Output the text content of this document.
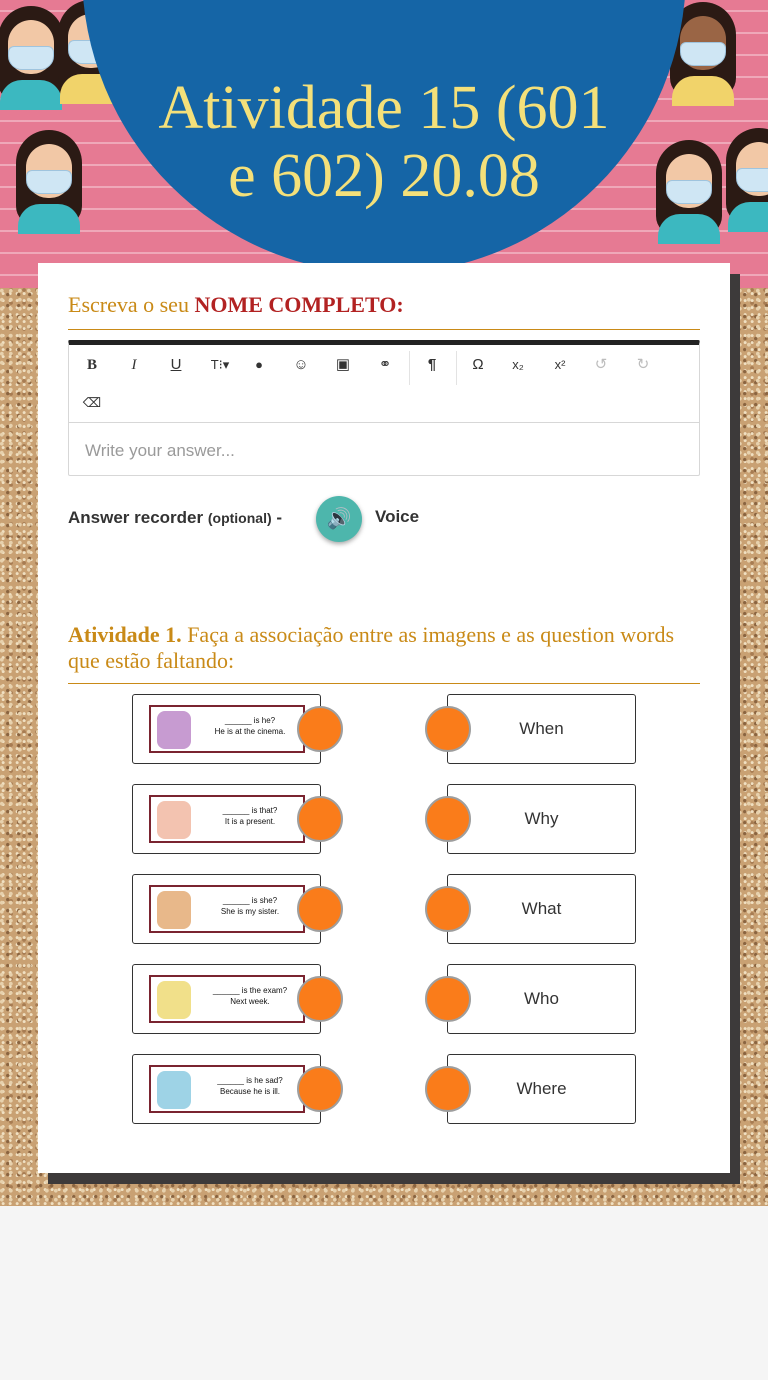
Atividade 15 (601
e 602) 20.08
Escreva o seu NOME COMPLETO:
B	I	U	T⁝▾	●	☺	▣	⚭	¶	Ω	x₂	x²	↺	↻
⌫
Write your answer...
Answer recorder (optional) -	🔊	Voice
Atividade 1. Faça a associação entre as imagens e as question words que estão faltando:
______ is he?
He is at the cinema.	When
______ is that?
It is a present.	Why
______ is she?
She is my sister.	What
______ is the exam?
Next week.	Who
______ is he sad?
Because he is ill.	Where
